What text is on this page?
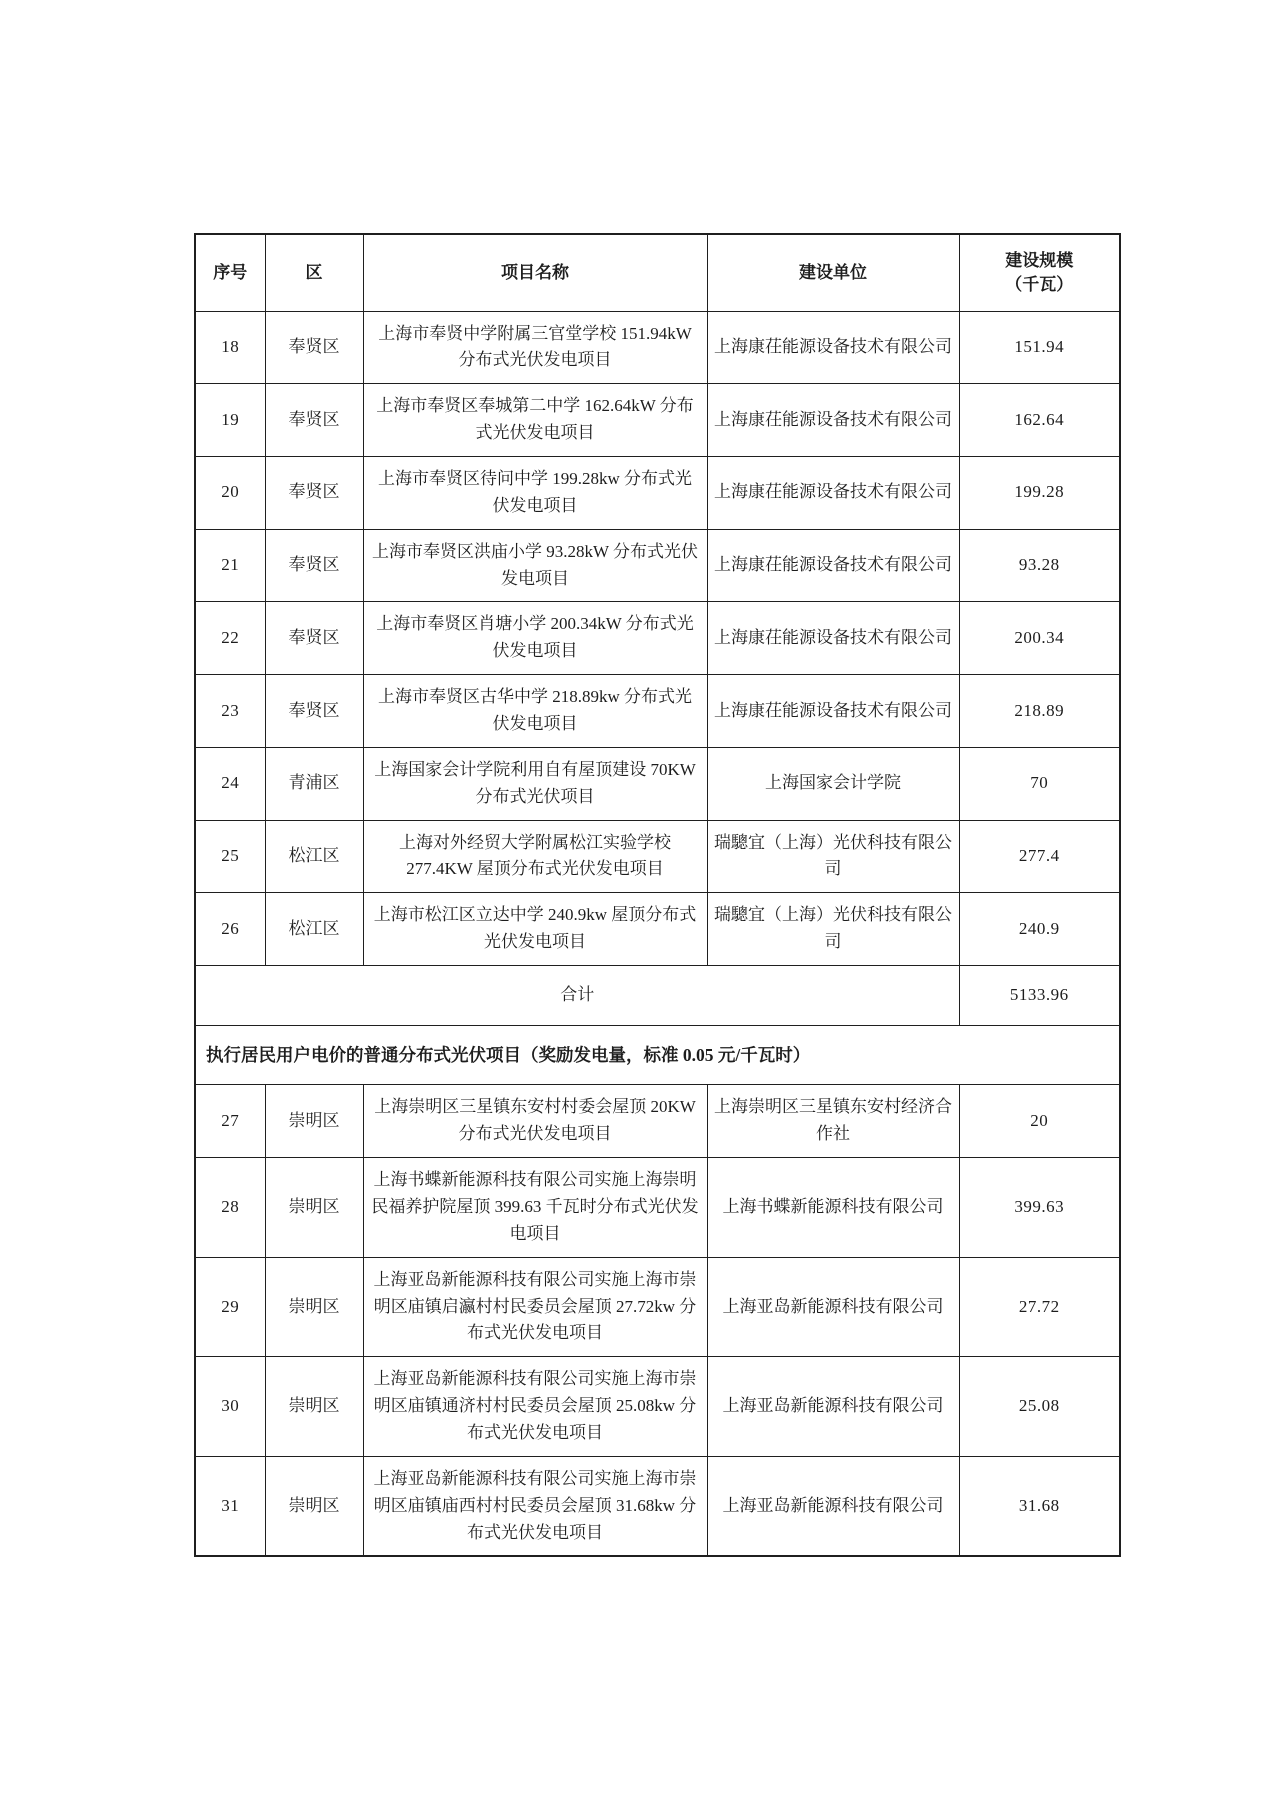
序号	区	项目名称	建设单位	建设规模
（千瓦）

18	奉贤区	上海市奉贤中学附属三官堂学校 151.94kW 分布式光伏发电项目	上海康茌能源设备技术有限公司	151.94
19	奉贤区	上海市奉贤区奉城第二中学 162.64kW 分布式光伏发电项目	上海康茌能源设备技术有限公司	162.64
20	奉贤区	上海市奉贤区待问中学 199.28kw 分布式光伏发电项目	上海康茌能源设备技术有限公司	199.28
21	奉贤区	上海市奉贤区洪庙小学 93.28kW 分布式光伏发电项目	上海康茌能源设备技术有限公司	93.28
22	奉贤区	上海市奉贤区肖塘小学 200.34kW 分布式光伏发电项目	上海康茌能源设备技术有限公司	200.34
23	奉贤区	上海市奉贤区古华中学 218.89kw 分布式光伏发电项目	上海康茌能源设备技术有限公司	218.89
24	青浦区	上海国家会计学院利用自有屋顶建设 70KW 分布式光伏项目	上海国家会计学院	70
25	松江区	上海对外经贸大学附属松江实验学校 277.4KW 屋顶分布式光伏发电项目	瑞驄宜（上海）光伏科技有限公司	277.4
26	松江区	上海市松江区立达中学 240.9kw 屋顶分布式光伏发电项目	瑞驄宜（上海）光伏科技有限公司	240.9
合计				5133.96
执行居民用户电价的普通分布式光伏项目（奖励发电量，标准 0.05 元/千瓦时）				
27	崇明区	上海崇明区三星镇东安村村委会屋顶 20KW 分布式光伏发电项目	上海崇明区三星镇东安村经济合作社	20
28	崇明区	上海书蝶新能源科技有限公司实施上海崇明民福养护院屋顶 399.63 千瓦时分布式光伏发电项目	上海书蝶新能源科技有限公司	399.63
29	崇明区	上海亚岛新能源科技有限公司实施上海市崇明区庙镇启瀛村村民委员会屋顶 27.72kw 分布式光伏发电项目	上海亚岛新能源科技有限公司	27.72
30	崇明区	上海亚岛新能源科技有限公司实施上海市崇明区庙镇通济村村民委员会屋顶 25.08kw 分布式光伏发电项目	上海亚岛新能源科技有限公司	25.08
31	崇明区	上海亚岛新能源科技有限公司实施上海市崇明区庙镇庙西村村民委员会屋顶 31.68kw 分布式光伏发电项目	上海亚岛新能源科技有限公司	31.68
